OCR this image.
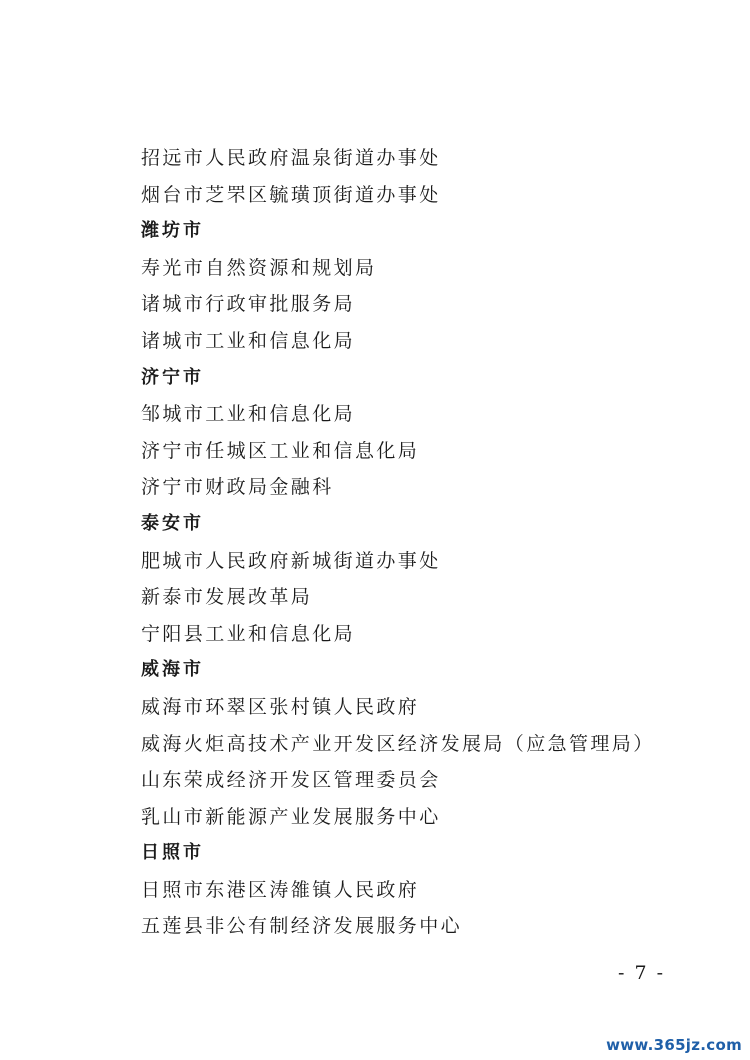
招远市人民政府温泉街道办事处
烟台市芝罘区毓璜顶街道办事处
潍坊市
寿光市自然资源和规划局
诸城市行政审批服务局
诸城市工业和信息化局
济宁市
邹城市工业和信息化局
济宁市任城区工业和信息化局
济宁市财政局金融科
泰安市
肥城市人民政府新城街道办事处
新泰市发展改革局
宁阳县工业和信息化局
威海市
威海市环翠区张村镇人民政府
威海火炬高技术产业开发区经济发展局（应急管理局）
山东荣成经济开发区管理委员会
乳山市新能源产业发展服务中心
日照市
日照市东港区涛雒镇人民政府
五莲县非公有制经济发展服务中心
- 7 -
www.365jz.com
